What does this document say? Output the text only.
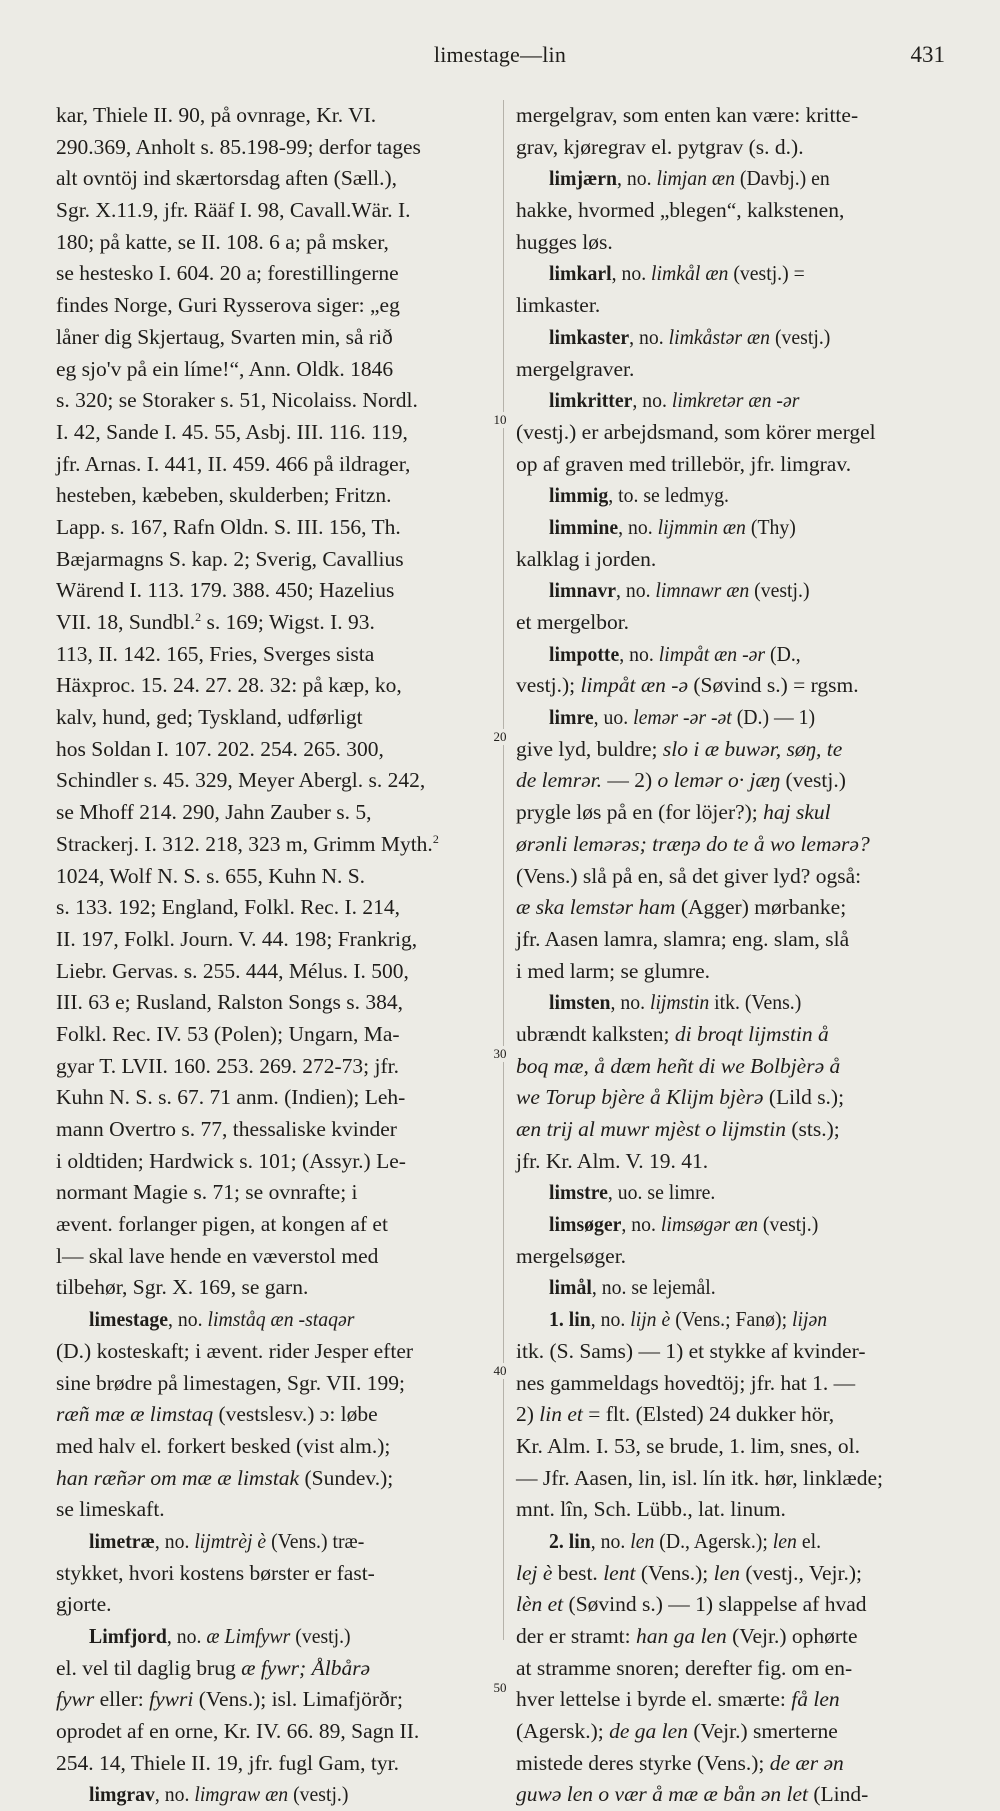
limestage—lin	431
10
20
30
40
50
kar, Thiele II. 90, på ovnrage, Kr. VI.
290.369, Anholt s. 85.198-99; derfor tages
alt ovntöj ind skærtorsdag aften (Sæll.),
Sgr. X.11.9, jfr. Rääf I. 98, Cavall.Wär. I.
180; på katte, se II. 108. 6 a; på msker,
se hestesko I. 604. 20 a; forestillingerne
findes Norge, Guri Rysserova siger: „eg
låner dig Skjertaug, Svarten min, så rið
eg sjo'v på ein líme!“, Ann. Oldk. 1846
s. 320; se Storaker s. 51, Nicolaiss. Nordl.
I. 42, Sande I. 45. 55, Asbj. III. 116. 119,
jfr. Arnas. I. 441, II. 459. 466 på ildrager,
hesteben, kæbeben, skulderben; Fritzn.
Lapp. s. 167, Rafn Oldn. S. III. 156, Th.
Bæjarmagns S. kap. 2; Sverig, Cavallius
Wärend I. 113. 179. 388. 450; Hazelius
VII. 18, Sundbl.$^2$ s. 169; Wigst. I. 93.
113, II. 142. 165, Fries, Sverges sista
Häxproc. 15. 24. 27. 28. 32: på kæp, ko,
kalv, hund, ged; Tyskland, udførligt
hos Soldan I. 107. 202. 254. 265. 300,
Schindler s. 45. 329, Meyer Abergl. s. 242,
se Mhoff 214. 290, Jahn Zauber s. 5,
Strackerj. I. 312. 218, 323 m, Grimm Myth.$^2$
1024, Wolf N. S. s. 655, Kuhn N. S.
s. 133. 192; England, Folkl. Rec. I. 214,
II. 197, Folkl. Journ. V. 44. 198; Frankrig,
Liebr. Gervas. s. 255. 444, Mélus. I. 500,
III. 63 e; Rusland, Ralston Songs s. 384,
Folkl. Rec. IV. 53 (Polen); Ungarn, Ma-
gyar T. LVII. 160. 253. 269. 272-73; jfr.
Kuhn N. S. s. 67. 71 anm. (Indien); Leh-
mann Overtro s. 77, thessaliske kvinder
i oldtiden; Hardwick s. 101; (Assyr.) Le-
normant Magie s. 71; se ovnrafte; i
ævent. forlanger pigen, at kongen af et
l— skal lave hende en væverstol med
tilbehør, Sgr. X. 169, se garn.
limestage, no. limståq æn -staqər
(D.) kosteskaft; i ævent. rider Jesper efter
sine brødre på limestagen, Sgr. VII. 199;
ræñ mæ æ limstaq (vestslesv.) ɔ: løbe
med halv el. forkert besked (vist alm.);
han ræñər om mæ æ limstak (Sundev.);
se limeskaft.
limetræ, no. lijmtrèj è (Vens.) træ-
stykket, hvori kostens børster er fast-
gjorte.
Limfjord, no. æ Limfywr (vestj.)
el. vel til daglig brug æ fywr; Ålbårə
fywr eller: fywri (Vens.); isl. Limafjörðr;
oprodet af en orne, Kr. IV. 66. 89, Sagn II.
254. 14, Thiele II. 19, jfr. fugl Gam, tyr.
limgrav, no. limgraw æn (vestj.)
mergelgrav, som enten kan være: kritte-
grav, kjøregrav el. pytgrav (s. d.).
limjærn, no. limjan æn (Davbj.) en
hakke, hvormed „blegen“, kalkstenen,
hugges løs.
limkarl, no. limkål æn (vestj.) =
limkaster.
limkaster, no. limkåstər æn (vestj.)
mergelgraver.
limkritter, no. limkretər æn -ər
(vestj.) er arbejdsmand, som körer mergel
op af graven med trillebör, jfr. limgrav.
limmig, to. se ledmyg.
limmine, no. lijmmin æn (Thy)
kalklag i jorden.
limnavr, no. limnawr æn (vestj.)
et mergelbor.
limpotte, no. limpåt æn -ər (D.,
vestj.); limpåt æn -ə (Søvind s.) = rgsm.
limre, uo. lemər -ər -ət (D.) — 1)
give lyd, buldre; slo i æ buwər, søŋ, te
de lemrər. — 2) o lemər o· jæŋ (vestj.)
prygle løs på en (for löjer?); haj skul
ørənli lemərəs; træŋə do te å wo lemərə?
(Vens.) slå på en, så det giver lyd? også:
æ ska lemstər ham (Agger) mørbanke;
jfr. Aasen lamra, slamra; eng. slam, slå
i med larm; se glumre.
limsten, no. lijmstin itk. (Vens.)
ubrændt kalksten; di broqt lijmstin å
boq mæ, å dæm heñt di we Bolbjèrə å
we Torup bjère å Klijm bjèrə (Lild s.);
æn trij al muwr mjèst o lijmstin (sts.);
jfr. Kr. Alm. V. 19. 41.
limstre, uo. se limre.
limsøger, no. limsøgər æn (vestj.)
mergelsøger.
limål, no. se lejemål.
1. lin, no. lijn è (Vens.; Fanø); lijən
itk. (S. Sams) — 1) et stykke af kvinder-
nes gammeldags hovedtöj; jfr. hat 1. —
2) lin et = flt. (Elsted) 24 dukker hör,
Kr. Alm. I. 53, se brude, 1. lim, snes, ol.
— Jfr. Aasen, lin, isl. lín itk. hør, linklæde;
mnt. lîn, Sch. Lübb., lat. linum.
2. lin, no. len (D., Agersk.); len el.
lej è best. lent (Vens.); len (vestj., Vejr.);
lèn et (Søvind s.) — 1) slappelse af hvad
der er stramt: han ga len (Vejr.) ophørte
at stramme snoren; derefter fig. om en-
hver lettelse i byrde el. smærte: få len
(Agersk.); de ga len (Vejr.) smerterne
mistede deres styrke (Vens.); de ær ən
guwə len o vær å mæ æ bån ən let (Lind-
